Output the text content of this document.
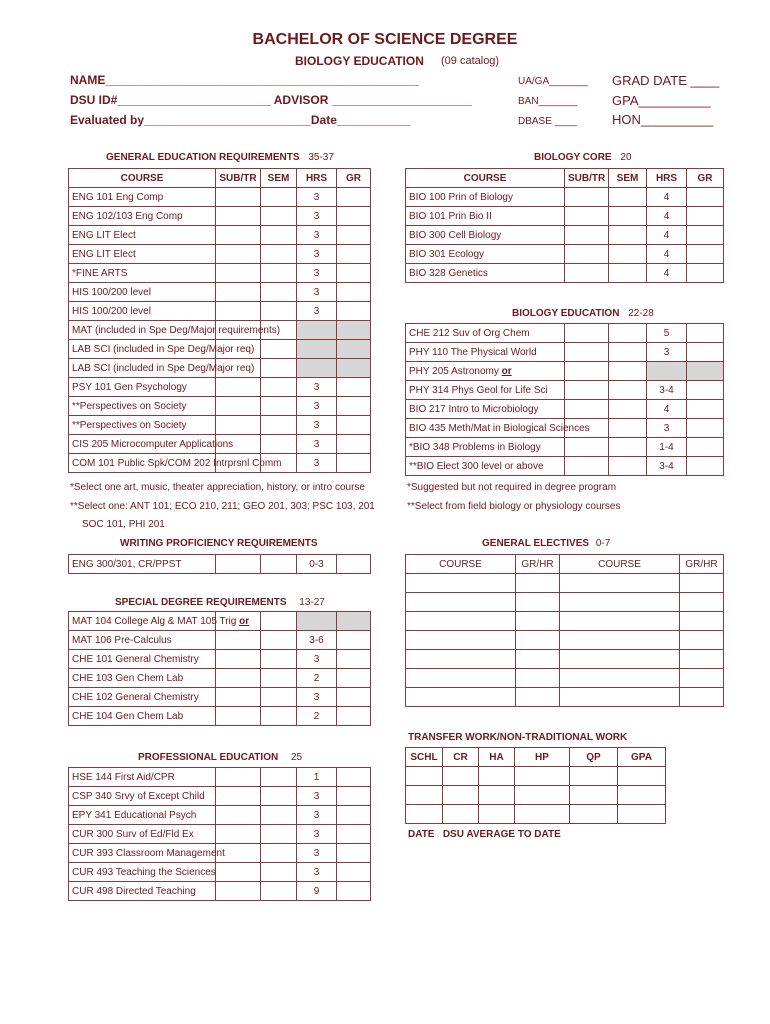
BACHELOR OF SCIENCE DEGREE
BIOLOGY EDUCATION (09 catalog)
NAME_______________________________________________
DSU ID#_______________________ ADVISOR _____________________
Evaluated by_________________________Date___________
UA/GA_______
BAN_______
DBASE ____
GRAD DATE ____
GPA__________
HON__________
GENERAL EDUCATION REQUIREMENTS 35-37
COURSE	SUB/TR	SEM	HRS	GR
ENG 101 Eng Comp			3	
ENG 102/103 Eng Comp			3	
ENG LIT Elect			3	
ENG LIT Elect			3	
*FINE ARTS			3	
HIS 100/200 level			3	
HIS 100/200 level			3	
MAT (included in Spe Deg/Major requirements)				
LAB SCI (included in Spe Deg/Major req)				
LAB SCI (included in Spe Deg/Major req)				
PSY 101 Gen Psychology			3	
**Perspectives on Society			3	
**Perspectives on Society			3	
CIS 205 Microcomputer Applications			3	
COM 101 Public Spk/COM 202 Intrprsnl Comm			3	
*Select one art, music, theater appreciation, history, or intro course
**Select one: ANT 101; ECO 210, 211; GEO 201, 303; PSC 103, 201
SOC 101, PHI 201
BIOLOGY CORE 20
COURSE	SUB/TR	SEM	HRS	GR
BIO 100 Prin of Biology			4	
BIO 101 Prin Bio II			4	
BIO 300 Cell Biology			4	
BIO 301 Ecology			4	
BIO 328 Genetics			4	
BIOLOGY EDUCATION 22-28
CHE 212 Suv of Org Chem			5	
PHY 110 The Physical World			3	
PHY 205 Astronomy or				
PHY 314 Phys Geol for Life Sci			3-4	
BIO 217 Intro to Microbiology			4	
BIO 435 Meth/Mat in Biological Sciences			3	
*BIO 348 Problems in Biology			1-4	
**BIO Elect 300 level or above			3-4	
*Suggested but not required in degree program
**Select from field biology or physiology courses
WRITING PROFICIENCY REQUIREMENTS
ENG 300/301, CR/PPST			0-3	
SPECIAL DEGREE REQUIREMENTS 13-27
MAT 104 College Alg & MAT 105 Trig or				
MAT 106 Pre-Calculus			3-6	
CHE 101 General Chemistry			3	
CHE 103 Gen Chem Lab			2	
CHE 102 General Chemistry			3	
CHE 104 Gen Chem Lab			2	
PROFESSIONAL EDUCATION 25
HSE 144 First Aid/CPR			1	
CSP 340 Srvy of Except Child			3	
EPY 341 Educational Psych			3	
CUR 300 Surv of Ed/Fld Ex			3	
CUR 393 Classroom Management			3	
CUR 493 Teaching the Sciences			3	
CUR 498 Directed Teaching			9	
GENERAL ELECTIVES 0-7
COURSE	GR/HR	COURSE	GR/HR

TRANSFER WORK/NON-TRADITIONAL WORK
SCHL	CR	HA	HP	QP	GPA

DATE   DSU AVERAGE TO DATE
